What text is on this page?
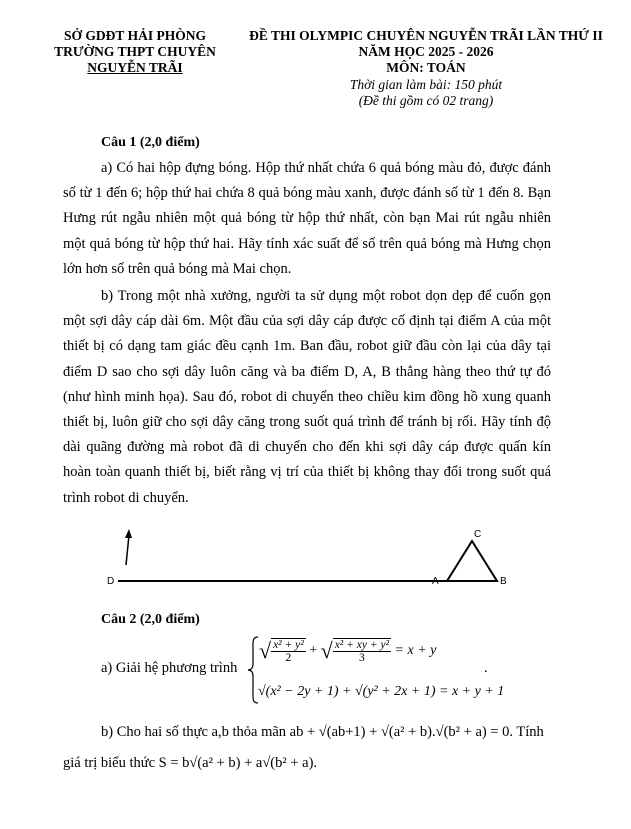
SỞ GDĐT HẢI PHÒNG
TRƯỜNG THPT CHUYÊN
NGUYỄN TRÃI
ĐỀ THI OLYMPIC CHUYÊN NGUYỄN TRÃI LẦN THỨ II
NĂM HỌC 2025 - 2026
MÔN: TOÁN
Thời gian làm bài: 150 phút
(Đề thi gồm có 02 trang)
Câu 1 (2,0 điểm)
a) Có hai hộp đựng bóng. Hộp thứ nhất chứa 6 quả bóng màu đỏ, được đánh số từ 1 đến 6; hộp thứ hai chứa 8 quả bóng màu xanh, được đánh số từ 1 đến 8. Bạn Hưng rút ngẫu nhiên một quả bóng từ hộp thứ nhất, còn bạn Mai rút ngẫu nhiên một quả bóng từ hộp thứ hai. Hãy tính xác suất để số trên quả bóng mà Hưng chọn lớn hơn số trên quả bóng mà Mai chọn.
b) Trong một nhà xưởng, người ta sử dụng một robot dọn dẹp để cuốn gọn một sợi dây cáp dài 6m. Một đầu của sợi dây cáp được cố định tại điểm A của một thiết bị có dạng tam giác đều cạnh 1m. Ban đầu, robot giữ đầu còn lại của dây tại điểm D sao cho sợi dây luôn căng và ba điểm D, A, B thẳng hàng theo thứ tự đó (như hình minh họa). Sau đó, robot di chuyển theo chiều kim đồng hồ xung quanh thiết bị, luôn giữ cho sợi dây căng trong suốt quá trình để tránh bị rối. Hãy tính độ dài quãng đường mà robot đã di chuyển cho đến khi sợi dây cáp được quấn kín hoàn toàn quanh thiết bị, biết rằng vị trí của thiết bị không thay đổi trong suốt quá trình robot di chuyển.
D	A	B
C
Câu 2 (2,0 điểm)
a) Giải hệ phương trình
√ $\frac{\text{x² + y²}}{2}$ + √ $\frac{\text{x² + xy + y²}}{3} = x + y$
√(x² − 2y + 1) + √(y² + 2x + 1) = x + y + 1
.
b) Cho hai số thực a,b thỏa mãn ab + √(ab+1) + √(a² + b).√(b² + a) = 0. Tính
giá trị biểu thức S = b√(a² + b) + a√(b² + a).
